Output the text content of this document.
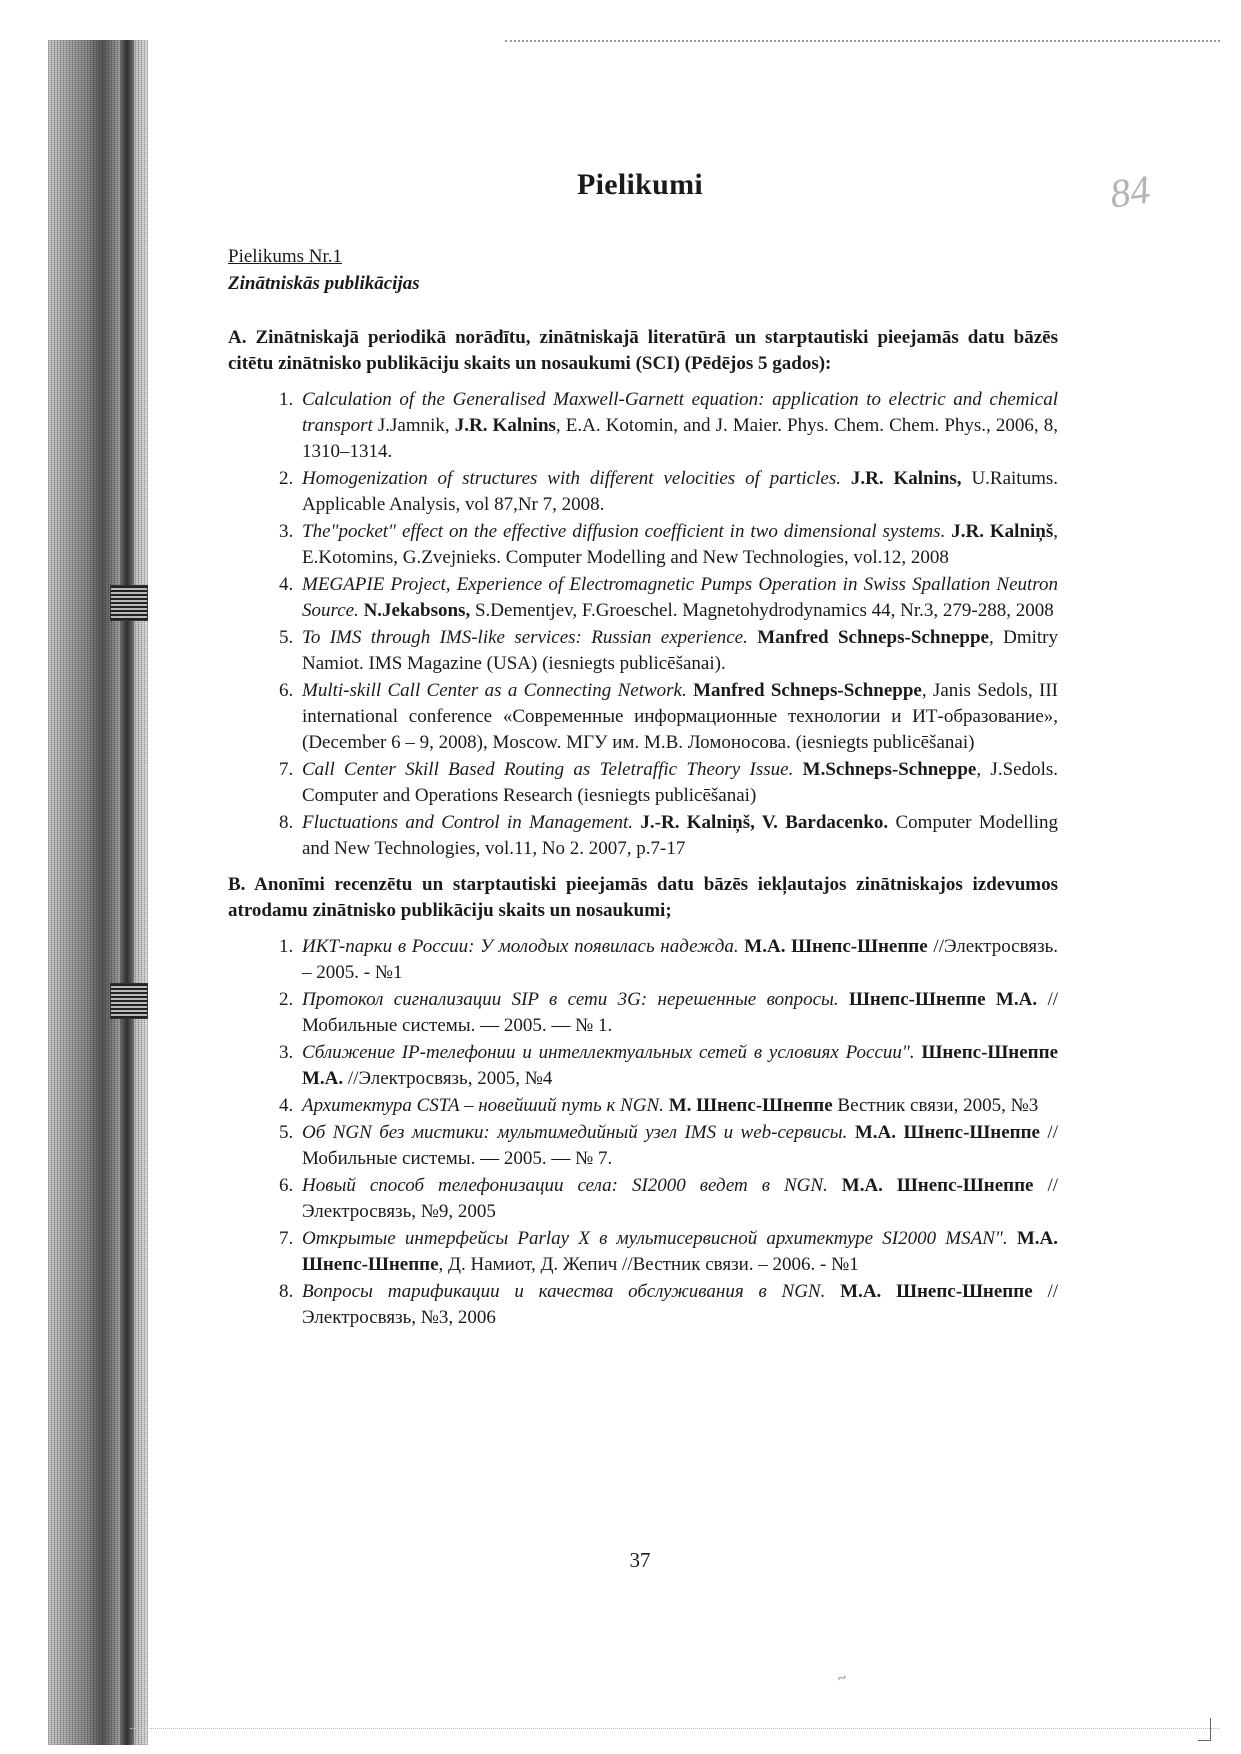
84
Pielikumi
Pielikums Nr.1
Zinātniskās publikācijas
A. Zinātniskajā periodikā norādītu, zinātniskajā literatūrā un starptautiski pieejamās datu bāzēs citētu zinātnisko publikāciju skaits un nosaukumi (SCI) (Pēdējos 5 gados):
1. Calculation of the Generalised Maxwell-Garnett equation: application to electric and chemical transport J.Jamnik, J.R. Kalnins, E.A. Kotomin, and J. Maier. Phys. Chem. Chem. Phys., 2006, 8, 1310–1314.
2. Homogenization of structures with different velocities of particles. J.R. Kalnins, U.Raitums. Applicable Analysis, vol 87,Nr 7, 2008.
3. The"pocket" effect on the effective diffusion coefficient in two dimensional systems. J.R. Kalniņš, E.Kotomins, G.Zvejnieks. Computer Modelling and New Technologies, vol.12, 2008
4. MEGAPIE Project, Experience of Electromagnetic Pumps Operation in Swiss Spallation Neutron Source. N.Jekabsons, S.Dementjev, F.Groeschel. Magnetohydrodynamics 44, Nr.3, 279-288, 2008
5. To IMS through IMS-like services: Russian experience. Manfred Schneps-Schneppe, Dmitry Namiot. IMS Magazine (USA) (iesniegts publicēšanai).
6. Multi-skill Call Center as a Connecting Network. Manfred Schneps-Schneppe, Janis Sedols, III international conference «Современные информационные технологии и ИТ-образование», (December 6 – 9, 2008), Moscow. МГУ им. М.В. Ломоносова. (iesniegts publicēšanai)
7. Call Center Skill Based Routing as Teletraffic Theory Issue. M.Schneps-Schneppe, J.Sedols. Computer and Operations Research (iesniegts publicēšanai)
8. Fluctuations and Control in Management. J.-R. Kalniņš, V. Bardacenko. Computer Modelling and New Technologies, vol.11, No 2. 2007, p.7-17
B. Anonīmi recenzētu un starptautiski pieejamās datu bāzēs iekļautajos zinātniskajos izdevumos atrodamu zinātnisko publikāciju skaits un nosaukumi;
1. ИКТ-парки в России: У молодых появилась надежда. М.А. Шнепс-Шнеппе //Электросвязь. – 2005. - №1
2. Протокол сигнализации SIP в сети 3G: нерешенные вопросы. Шнепс-Шнеппе М.А. //Мобильные системы. — 2005. — № 1.
3. Сближение IP-телефонии и интеллектуальных сетей в условиях России". Шнепс-Шнеппе М.А. //Электросвязь, 2005, №4
4. Архитектура CSTA – новейший путь к NGN. М. Шнепс-Шнеппе Вестник связи, 2005, №3
5. Об NGN без мистики: мультимедийный узел IMS и web-сервисы. М.А. Шнепс-Шнеппе //Мобильные системы. — 2005. — № 7.
6. Новый способ телефонизации села: SI2000 ведет в NGN. М.А. Шнепс-Шнеппе //Электросвязь, №9, 2005
7. Открытые интерфейсы Parlay X в мультисервисной архитектуре SI2000 MSAN". М.А. Шнепс-Шнеппе, Д. Намиот, Д. Жепич //Вестник связи. – 2006. - №1
8. Вопросы тарификации и качества обслуживания в NGN. М.А. Шнепс-Шнеппе //Электросвязь, №3, 2006
37
~
